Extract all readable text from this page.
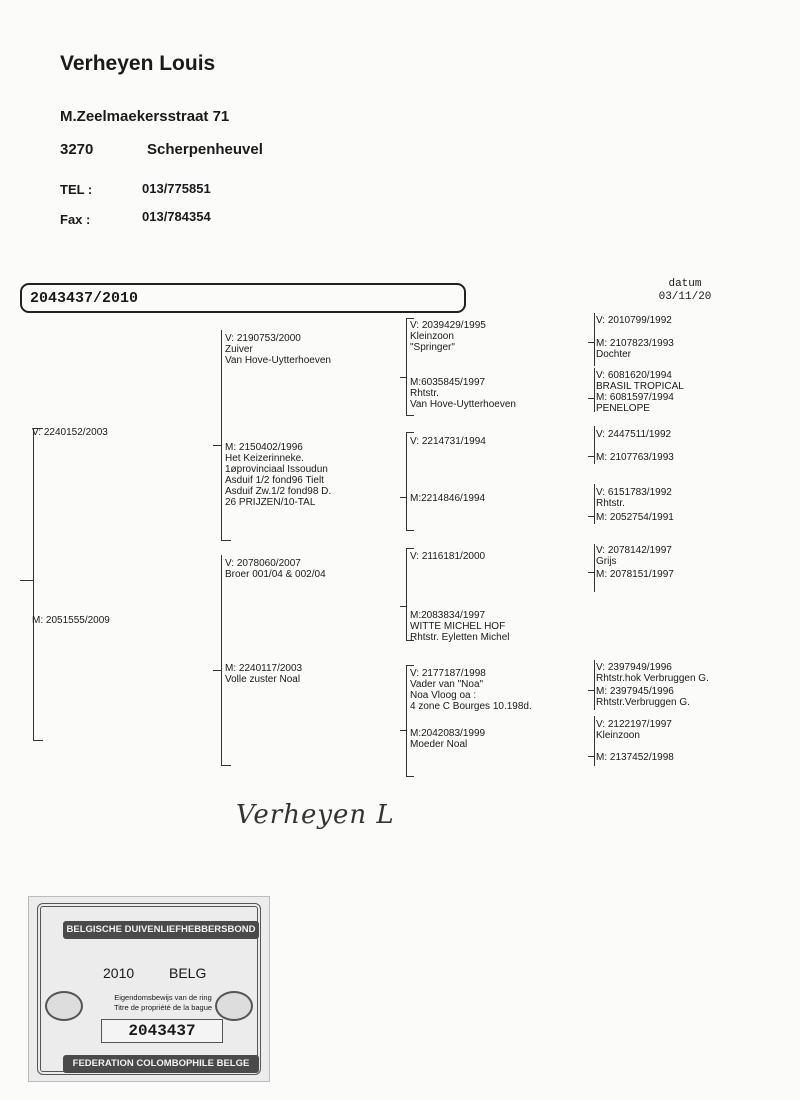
Verheyen Louis
M.Zeelmaekersstraat 71
3270	Scherpenheuvel
TEL :	013/775851
Fax :	013/784354
2043437/2010
datum
03/11/20
V: 2240152/2003
M: 2051555/2009
V: 2190753/2000
Zuiver
Van Hove-Uytterhoeven
M: 2150402/1996
Het Keizerinneke.
1øprovinciaal Issoudun
Asduif 1/2 fond96 Tielt
Asduif Zw.1/2 fond98 D.
26 PRIJZEN/10-TAL
V: 2078060/2007
Broer 001/04 & 002/04
M: 2240117/2003
Volle zuster Noal
V: 2039429/1995
Kleinzoon
"Springer"
M:6035845/1997
Rhtstr.
Van Hove-Uytterhoeven
V: 2214731/1994
M:2214846/1994
V: 2116181/2000
M:2083834/1997
WITTE MICHEL HOF
Rhtstr. Eyletten Michel
V: 2177187/1998
Vader van "Noa"
Noa Vloog oa :
4 zone C Bourges 10.198d.
M:2042083/1999
Moeder Noal
V: 2010799/1992
M: 2107823/1993
Dochter
V: 6081620/1994
BRASIL TROPICAL
M: 6081597/1994
PENELOPE
V: 2447511/1992
M: 2107763/1993
V: 6151783/1992
Rhtstr.
M: 2052754/1991
V: 2078142/1997
Grijs
M: 2078151/1997
V: 2397949/1996
Rhtstr.hok Verbruggen G.
M: 2397945/1996
Rhtstr.Verbruggen G.
V: 2122197/1997
Kleinzoon
M: 2137452/1998
Verheyen L
BELGISCHE DUIVENLIEFHEBBERSBOND
2010 BELG
Eigendomsbewijs van de ring
Titre de propriété de la bague
2043437
FEDERATION COLOMBOPHILE BELGE
